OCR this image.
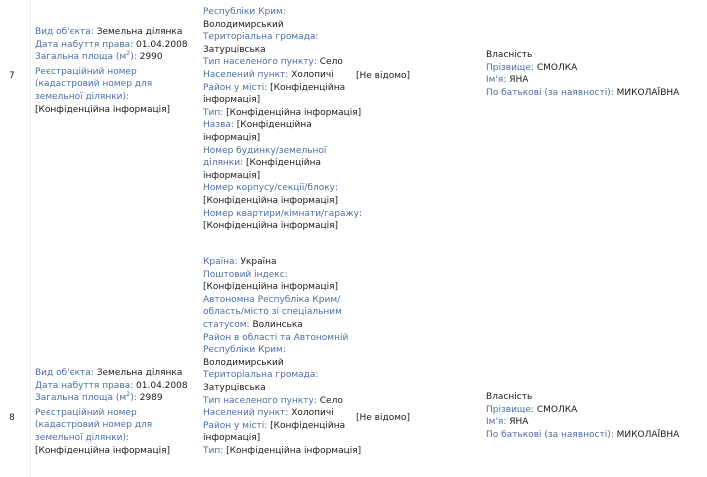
7
Вид об'єкта: Земельна ділянка
Дата набуття права: 01.04.2008
Загальна площа $(м^2)$: 2990
Реєстраційний номер
(кадастровий номер для
земельної ділянки):
[Конфіденційна інформація]
Республіки Крим:
Володимирський
Територіальна громада:
Затурцівська
Тип населеного пункту: Село
Населений пункт: Холопичі
Район у місті: [Конфіденційна
інформація]
Тип: [Конфіденційна інформація]
Назва: [Конфіденційна
інформація]
Номер будинку/земельної
ділянки: [Конфіденційна
інформація]
Номер корпусу/секції/блоку:
[Конфіденційна інформація]
Номер квартири/кімнати/гаражу:
[Конфіденційна інформація]
[Не відомо]
Власність
Прізвище: СМОЛКА
Ім'я: ЯНА
По батькові (за наявності): МИКОЛАЇВНА
8
Вид об'єкта: Земельна ділянка
Дата набуття права: 01.04.2008
Загальна площа $(м^2)$: 2989
Реєстраційний номер
(кадастровий номер для
земельної ділянки):
[Конфіденційна інформація]
Країна: Україна
Поштовий індекс:
[Конфіденційна інформація]
Автономна Республіка Крим/
область/місто зі спеціальним
статусом: Волинська
Район в області та Автономній
Республіки Крим:
Володимирський
Територіальна громада:
Затурцівська
Тип населеного пункту: Село
Населений пункт: Холопичі
Район у місті: [Конфіденційна
інформація]
Тип: [Конфіденційна інформація]
[Не відомо]
Власність
Прізвище: СМОЛКА
Ім'я: ЯНА
По батькові (за наявності): МИКОЛАЇВНА
